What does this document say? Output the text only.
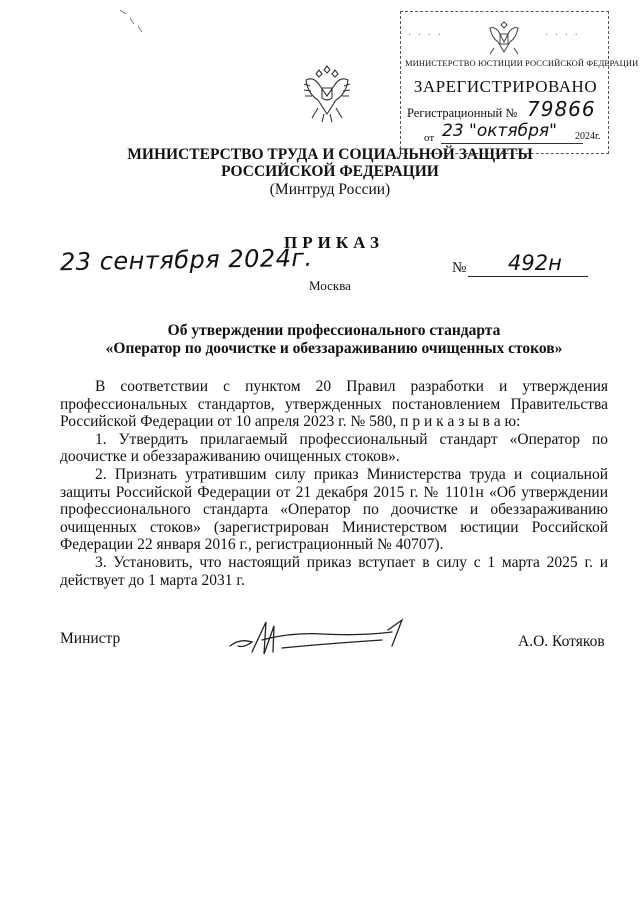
· · · ·	· · · ·
МИНИСТЕРСТВО ЮСТИЦИИ РОССИЙСКОЙ ФЕДЕРАЦИИ
ЗАРЕГИСТРИРОВАНО
Регистрационный № 79866
от 23 "октября" 2024г.
МИНИСТЕРСТВО ТРУДА И СОЦИАЛЬНОЙ ЗАЩИТЫ
РОССИЙСКОЙ ФЕДЕРАЦИИ
(Минтруд России)
ПРИКАЗ
23 сентября 2024г.	№ 492н
Москва
Об утверждении профессионального стандарта
«Оператор по доочистке и обеззараживанию очищенных стоков»

В соответствии с пунктом 20 Правил разработки и утверждения профессиональных стандартов, утвержденных постановлением Правительства Российской Федерации от 10 апреля 2023 г. № 580, п р и к а з ы в а ю:

1. Утвердить прилагаемый профессиональный стандарт «Оператор по доочистке и обеззараживанию очищенных стоков».

2. Признать утратившим силу приказ Министерства труда и социальной защиты Российской Федерации от 21 декабря 2015 г. № 1101н «Об утверждении профессионального стандарта «Оператор по доочистке и обеззараживанию очищенных стоков» (зарегистрирован Министерством юстиции Российской Федерации 22 января 2016 г., регистрационный № 40707).

3. Установить, что настоящий приказ вступает в силу с 1 марта 2025 г. и действует до 1 марта 2031 г.

Министр	А.О. Котяков
